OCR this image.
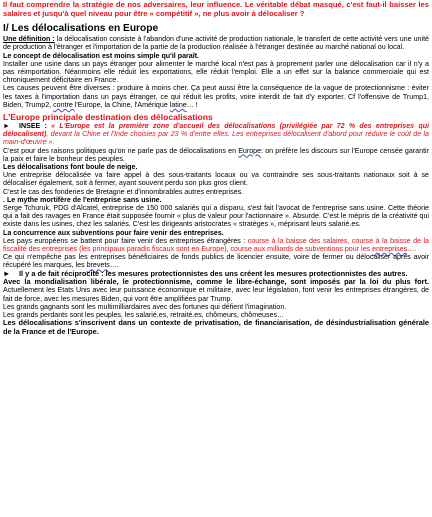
Il faut comprendre la stratégie de nos adversaires, leur influence. Le véritable débat masqué, c'est faut-il baisser les salaires et jusqu'à quel niveau pour être « compétitif », ne plus avoir à délocaliser ?

I/ Les délocalisations en Europe

Une définition : la délocalisation consiste à l'abandon d'une activité de production nationale, le transfert de cette activité vers une unité de production à l'étranger et l'importation de la partie de la production réalisée à l'étranger destinée au marché national ou local.

Le concept de délocalisation est moins simple qu'il paraît.

Installer une usine dans un pays étranger pour alimenter le marché local n'est pas à proprement parler une délocalisation car il n'y a pas réimportation. Néanmoins elle réduit les exportations, elle réduit l'emploi. Elle a un effet sur la balance commerciale qui est chroniquement déficitaire en France.

Les causes peuvent être diverses : produire à moins cher. Ça peut aussi être la conséquence de la vague de protectionnisme : éviter les taxes à l'importation dans un pays étranger, ce qui réduit les profits, voire interdit de fait d'y exporter. Cf l'offensive de Trump1, Biden, Trump2, contre l'Europe, la Chine, l'Amérique latine… !

L'Europe principale destination des délocalisations

► INSEE : « L'Europe est la première zone d'accueil des délocalisations (privilégiée par 72 % des entreprises qui délocalisent), devant la Chine et l'Inde choisies par 23 % d'entre elles. Les entreprises délocalisent d'abord pour réduire le coût de la main-d'œuvre ».

C'est pour des raisons politiques qu'on ne parle pas de délocalisations en Europe: on préfère les discours sur l'Europe censée garantir la paix et faire le bonheur des peuples.

Les délocalisations font boule de neige.

Une entreprise délocalisée va faire appel à des sous-traitants locaux ou va contraindre ses sous-traitants nationaux soit à se délocaliser également, soit à fermer, ayant souvent perdu son plus gros client.

C'est le cas des fonderies de Bretagne et d'innombrables autres entreprises.

. Le mythe mortifère de l'entreprise sans usine.

Serge Tchuruk, PDG d'Alcatel, entreprise de 150 000 salariés qui a disparu, s'est fait l'avocat de l'entreprise sans usine. Cette théorie qui a fait des ravages en France était supposée fournir « plus de valeur pour l'actionnaire ». Absurde. C'est le mépris de la créativité qui existe dans les usines, chez les salariés. C'est les dirigeants aristocrates « stratèges », méprisant leurs salarié.es.

La concurrence aux subventions pour faire venir des entreprises.

Les pays européens se battent pour faire venir des entreprises étrangères : course à la baisse des salaires, course à la baisse de la fiscalité des entreprises (les principaux paradis fiscaux sont en Europe), course aux milliards de subventions pour les entreprises….

Ce qui n'empêche pas les entreprises bénéficiaires de fonds publics de licencier ensuite, voire de fermer ou délocaliser après avoir récupéré les marques, les brevets….

► Il y a de fait réciprocité : les mesures protectionnistes des uns créent les mesures protectionnistes des autres.

Avec la mondialisation libérale, le protectionnisme, comme le libre-échange, sont imposés par la loi du plus fort. Actuellement les Etats Unis avec leur puissance économique et militaire, avec leur législation, font venir les entreprises étrangères, de fait de force, avec les mesures Biden, qui vont être amplifiées par Trump.

Les grands gagnants sont les multimilliardaires avec des fortunes qui défient l'imagination.

Les grands perdants sont les peuples, les salarié.es, retraité.es, chômeurs, chômeuses…

Les délocalisations s'inscrivent dans un contexte de privatisation, de financiarisation, de désindustrialisation générale de la France et de l'Europe.
